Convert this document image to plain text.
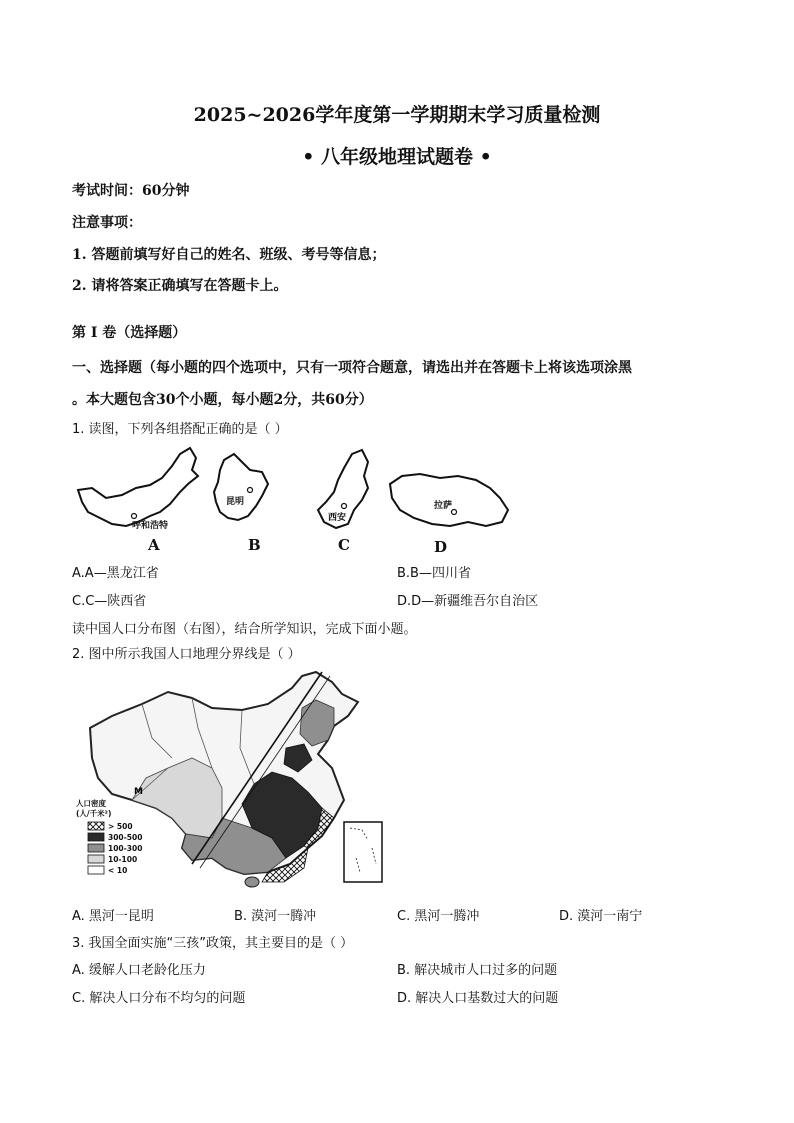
2025~2026学年度第一学期期末学习质量检测
• 八年级地理试题卷 •
考试时间：60分钟
注意事项：
1. 答题前填写好自己的姓名、班级、考号等信息；
2. 请将答案正确填写在答题卡上。
第 I 卷（选择题）
一、选择题（每小题的四个选项中，只有一项符合题意，请选出并在答题卡上将该选项涂黑
。本大题包含30个小题，每小题2分，共60分）
1. 读图，下列各组搭配正确的是（ ）
呼和浩特
A
昆明
B
西安
C
拉萨
D
A.A—黑龙江省	B.B—四川省
C.C—陕西省	D.D—新疆维吾尔自治区
读中国人口分布图（右图），结合所学知识，完成下面小题。
2. 图中所示我国人口地理分界线是（ ）
M
人口密度
(人/千米²)
> 500
300-500
100-300
10-100
< 10
A. 黑河一昆明	B. 漠河一腾冲	C. 黑河一腾冲	D. 漠河一南宁
3. 我国全面实施“三孩”政策，其主要目的是（ ）
A. 缓解人口老龄化压力	B. 解决城市人口过多的问题
C. 解决人口分布不均匀的问题	D. 解决人口基数过大的问题
